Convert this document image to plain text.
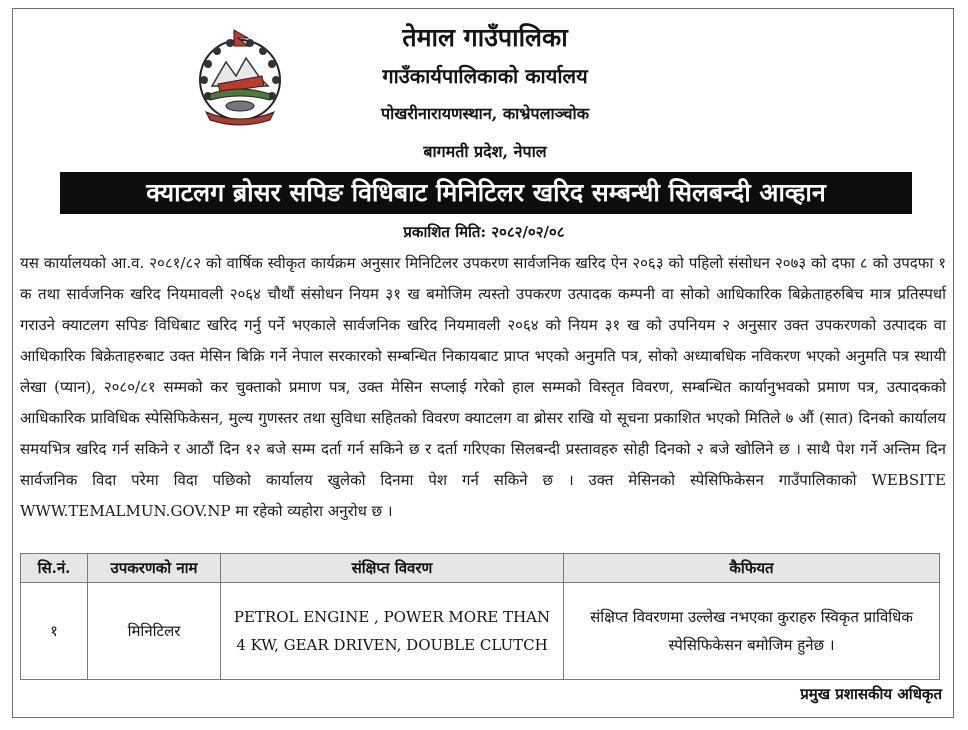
तेमाल गाउँपालिका
गाउँकार्यपालिकाको कार्यालय
पोखरीनारायणस्थान, काभ्रेपलाञ्चोक
बागमती प्रदेश, नेपाल
क्याटलग ब्रोसर सपिङ विधिबाट मिनिटिलर खरिद सम्बन्धी सिलबन्दी आव्हान
प्रकाशित मिति: २०८२/०२/०८

यस कार्यालयको आ.व. २०८१/८२ को वार्षिक स्वीकृत कार्यक्रम अनुसार मिनिटिलर उपकरण सार्वजनिक खरिद ऐन २०६३ को पहिलो संसोधन २०७३ को दफा ८ को उपदफा १ क तथा सार्वजनिक खरिद नियमावली २०६४ चौथौं संसोधन नियम ३१ ख बमोजिम त्यस्तो उपकरण उत्पादक कम्पनी वा सोको आधिकारिक बिक्रेताहरुबिच मात्र प्रतिस्पर्धा गराउने क्याटलग सपिङ विधिबाट खरिद गर्नु पर्ने भएकाले सार्वजनिक खरिद नियमावली २०६४ को नियम ३१ ख को उपनियम २ अनुसार उक्त उपकरणको उत्पादक वा आधिकारिक बिक्रेताहरुबाट उक्त मेसिन बिक्रि गर्ने नेपाल सरकारको सम्बन्धित निकायबाट प्राप्त भएको अनुमति पत्र, सोको अध्याबधिक नविकरण भएको अनुमति पत्र स्थायी लेखा (प्यान), २०८०/८१ सम्मको कर चुक्ताको प्रमाण पत्र, उक्त मेसिन सप्लाई गरेको हाल सम्मको विस्तृत विवरण, सम्बन्धित कार्यानुभवको प्रमाण पत्र, उत्पादकको आधिकारिक प्राविधिक स्पेसिफिकेसन, मुल्य गुणस्तर तथा सुविधा सहितको विवरण क्याटलग वा ब्रोसर राखि यो सूचना प्रकाशित भएको मितिले ७ औं (सात) दिनको कार्यालय समयभित्र खरिद गर्न सकिने र आठौं दिन १२ बजे सम्म दर्ता गर्न सकिने छ र दर्ता गरिएका सिलबन्दी प्रस्तावहरु सोही दिनको २ बजे खोलिने छ । साथै पेश गर्ने अन्तिम दिन सार्वजनिक विदा परेमा विदा पछिको कार्यालय खुलेको दिनमा पेश गर्न सकिने छ । उक्त मेसिनको स्पेसिफिकेसन गाउँपालिकाको WEBSITE WWW.TEMALMUN.GOV.NP मा रहेको व्यहोरा अनुरोध छ ।

सि.नं.	उपकरणको नाम	संक्षिप्त विवरण	कैफियत
१	मिनिटिलर	PETROL ENGINE , POWER MORE THAN 4 KW, GEAR DRIVEN, DOUBLE CLUTCH	संक्षिप्त विवरणमा उल्लेख नभएका कुराहरु स्विकृत प्राविधिक स्पेसिफिकेसन बमोजिम हुनेछ ।
प्रमुख प्रशासकीय अधिकृत
